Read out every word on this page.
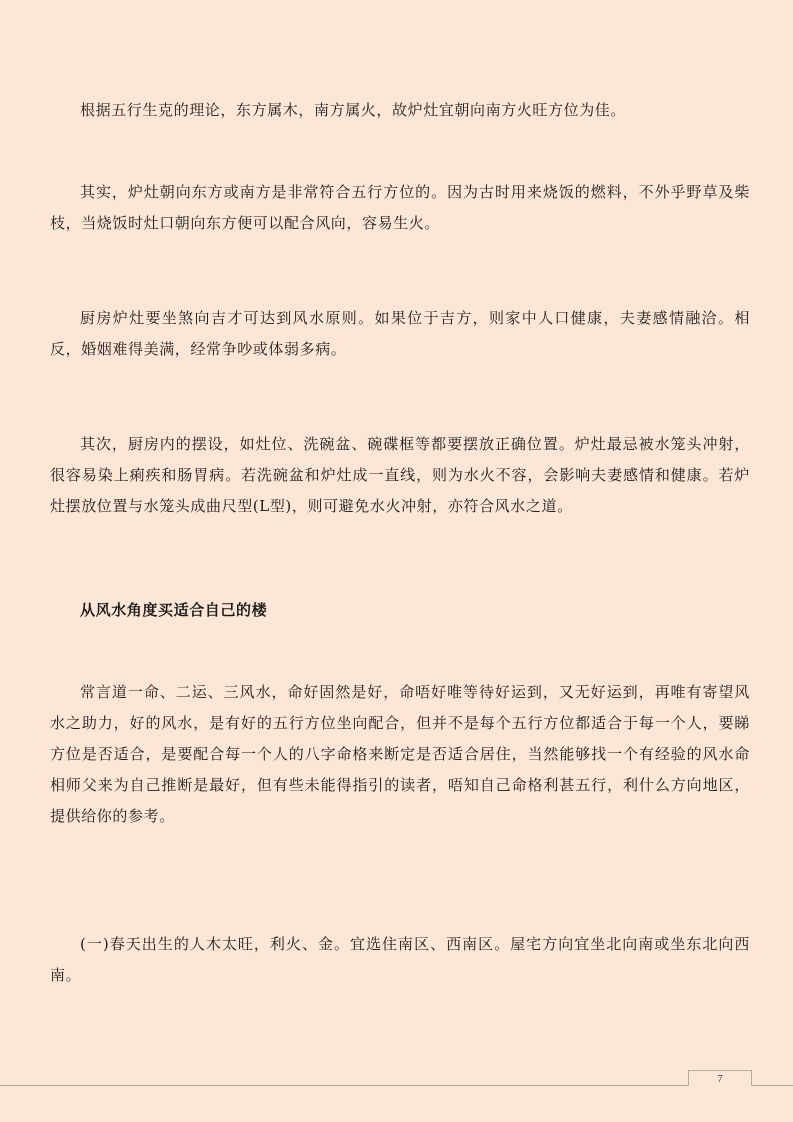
根据五行生克的理论，东方属木，南方属火，故炉灶宜朝向南方火旺方位为佳。

其实，炉灶朝向东方或南方是非常符合五行方位的。因为古时用来烧饭的燃料，不外乎野草及柴枝，当烧饭时灶口朝向东方便可以配合风向，容易生火。

厨房炉灶要坐煞向吉才可达到风水原则。如果位于吉方，则家中人口健康，夫妻感情融洽。相反，婚姻难得美满，经常争吵或体弱多病。

其次，厨房内的摆设，如灶位、洗碗盆、碗碟框等都要摆放正确位置。炉灶最忌被水笼头冲射，很容易染上痢疾和肠胃病。若洗碗盆和炉灶成一直线，则为水火不容，会影响夫妻感情和健康。若炉灶摆放位置与水笼头成曲尺型(L型)，则可避免水火冲射，亦符合风水之道。

从风水角度买适合自己的楼

常言道一命、二运、三风水，命好固然是好，命唔好唯等待好运到，又无好运到，再唯有寄望风水之助力，好的风水，是有好的五行方位坐向配合，但并不是每个五行方位都适合于每一个人，要睇方位是否适合，是要配合每一个人的八字命格来断定是否适合居住，当然能够找一个有经验的风水命相师父来为自己推断是最好，但有些未能得指引的读者，唔知自己命格利甚五行，利什么方向地区，提供给你的参考。

(一)春天出生的人木太旺，利火、金。宜选住南区、西南区。屋宅方向宜坐北向南或坐东北向西南。

7
